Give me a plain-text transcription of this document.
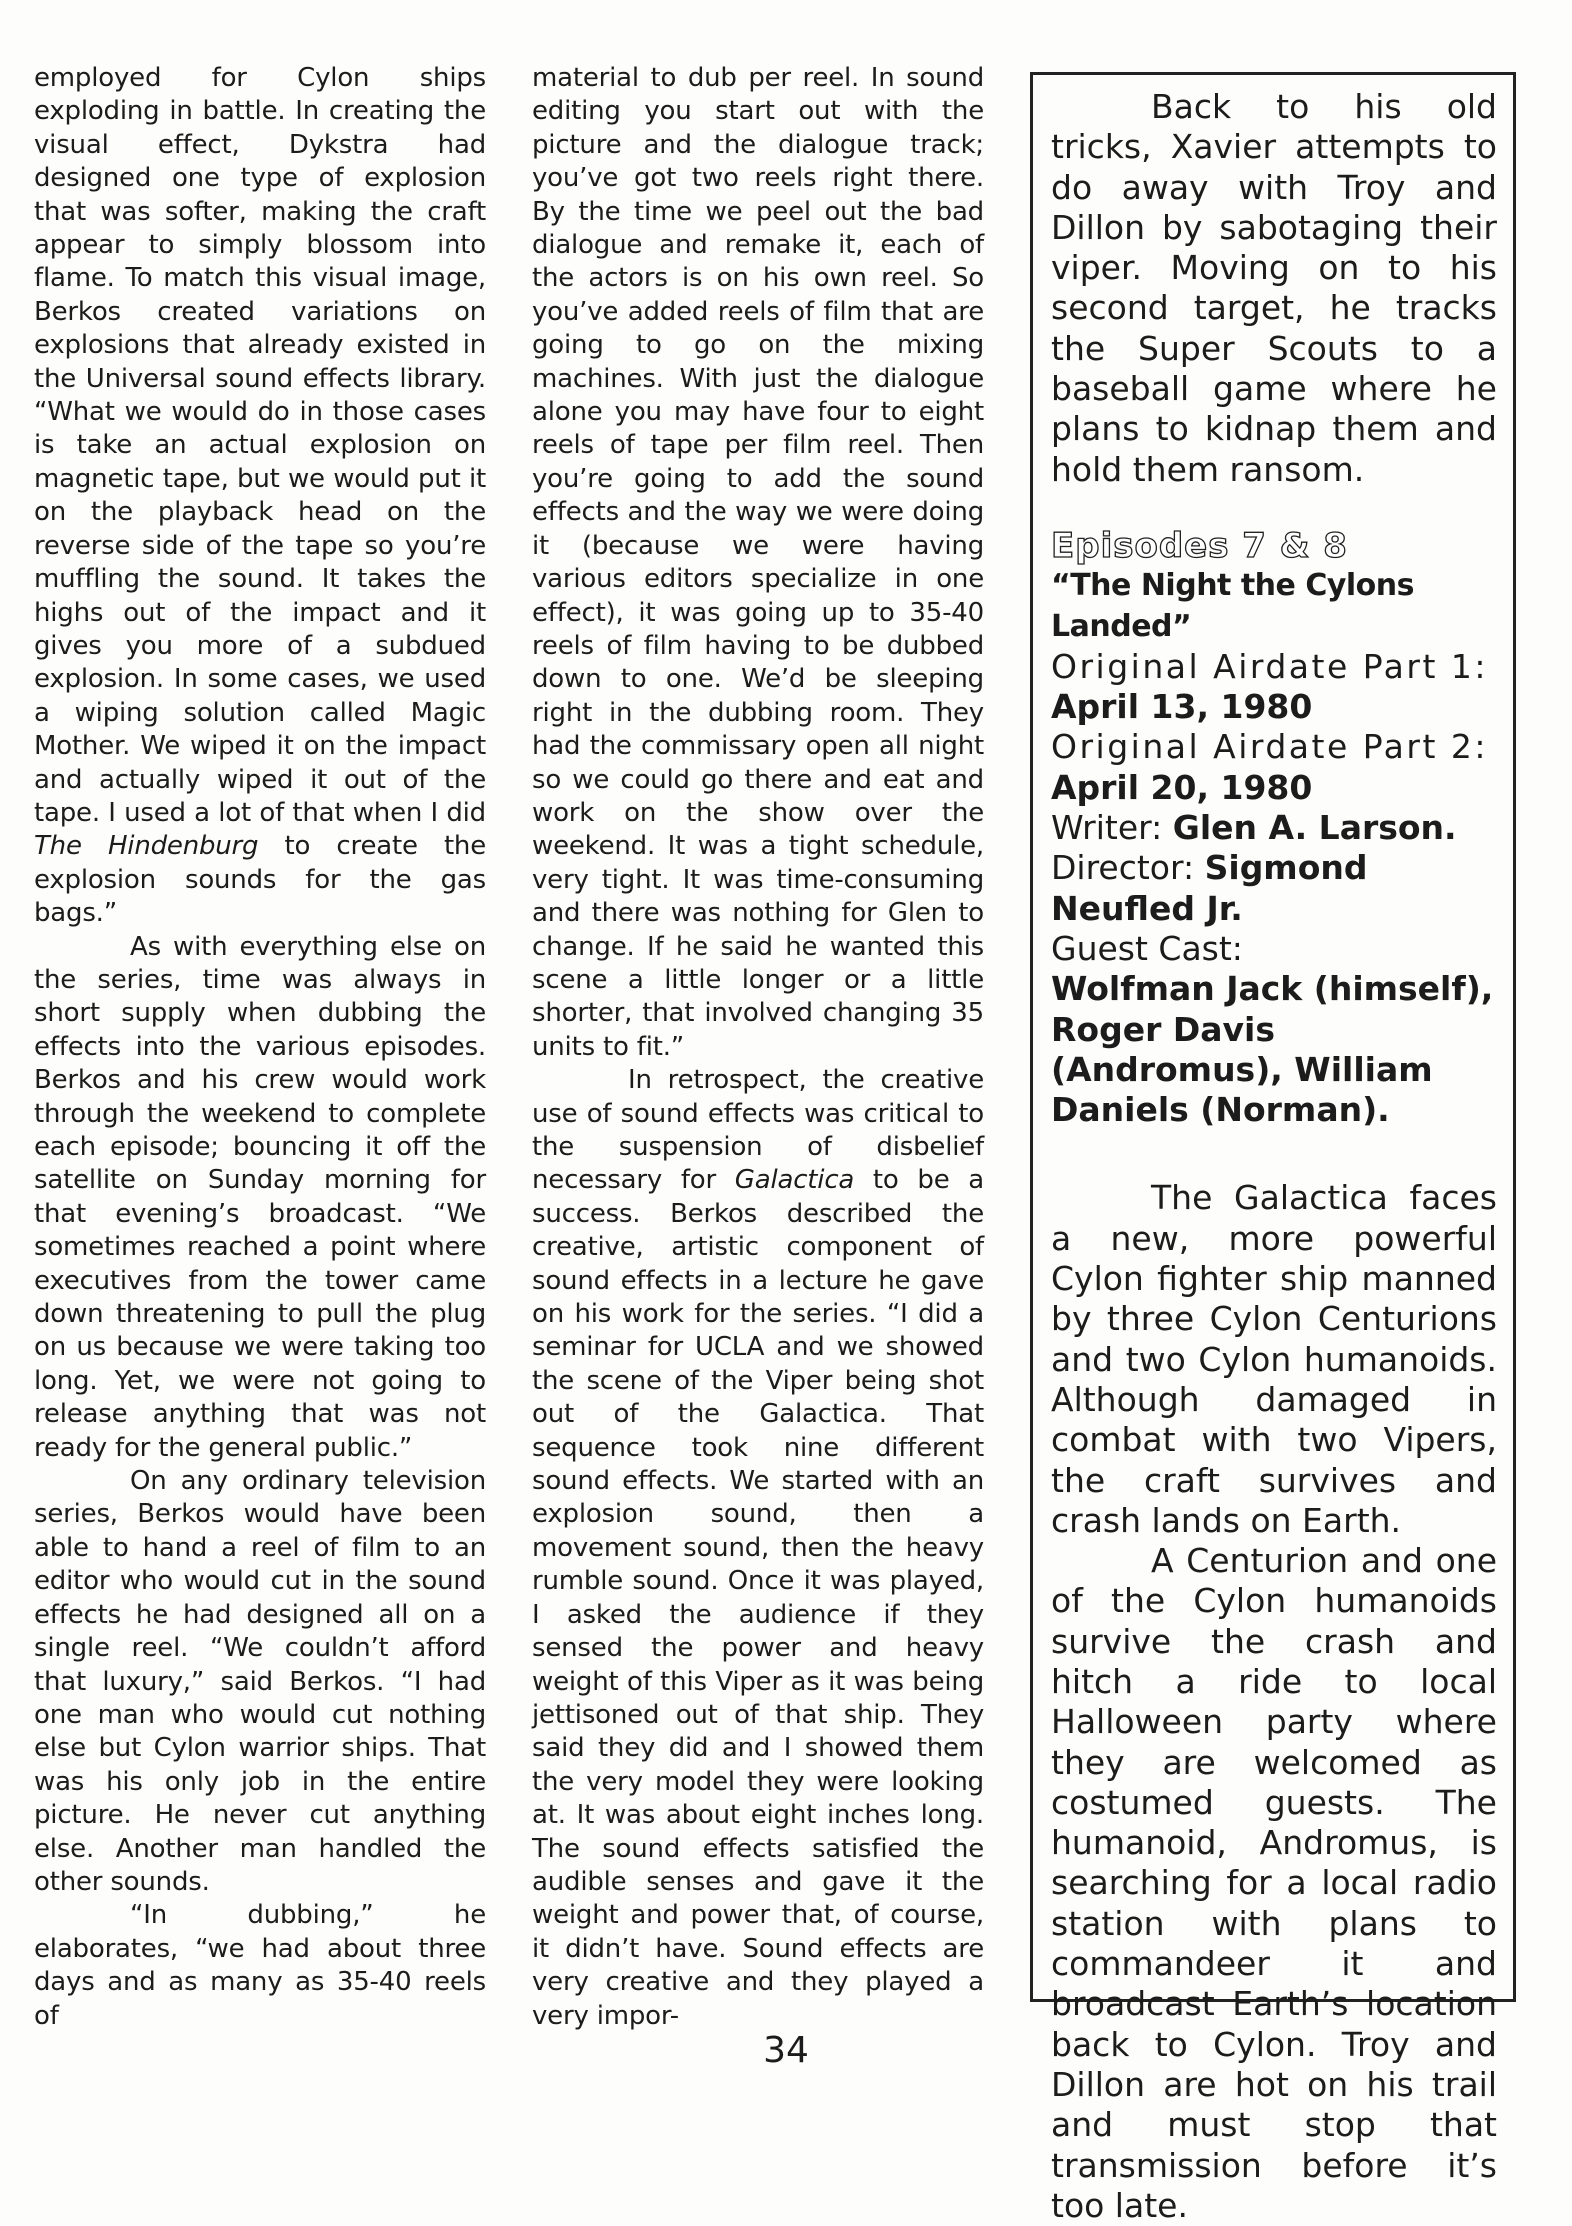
employed for Cylon ships exploding in battle. In creating the visual effect, Dykstra had designed one type of explosion that was softer, making the craft appear to simply blossom into flame. To match this visual image, Berkos created variations on explosions that already existed in the Universal sound effects library. “What we would do in those cases is take an actual explosion on magnetic tape, but we would put it on the playback head on the reverse side of the tape so you’re muffling the sound. It takes the highs out of the impact and it gives you more of a subdued explosion. In some cases, we used a wiping solution called Magic Mother. We wiped it on the impact and actually wiped it out of the tape. I used a lot of that when I did The Hindenburg to create the explosion sounds for the gas bags.”

As with everything else on the series, time was always in short supply when dubbing the effects into the various episodes. Berkos and his crew would work through the weekend to complete each episode; bouncing it off the satellite on Sunday morning for that evening’s broadcast. “We sometimes reached a point where executives from the tower came down threatening to pull the plug on us because we were taking too long. Yet, we were not going to release anything that was not ready for the general public.”

On any ordinary television series, Berkos would have been able to hand a reel of film to an editor who would cut in the sound effects he had designed all on a single reel. “We couldn’t afford that luxury,” said Berkos. “I had one man who would cut nothing else but Cylon warrior ships. That was his only job in the entire picture. He never cut anything else. Another man handled the other sounds.

“In dubbing,” he elaborates, “we had about three days and as many as 35-40 reels of

material to dub per reel. In sound editing you start out with the picture and the dialogue track; you’ve got two reels right there. By the time we peel out the bad dialogue and remake it, each of the actors is on his own reel. So you’ve added reels of film that are going to go on the mixing machines. With just the dialogue alone you may have four to eight reels of tape per film reel. Then you’re going to add the sound effects and the way we were doing it (because we were having various editors specialize in one effect), it was going up to 35-40 reels of film having to be dubbed down to one. We’d be sleeping right in the dubbing room. They had the commissary open all night so we could go there and eat and work on the show over the weekend. It was a tight schedule, very tight. It was time-consuming and there was nothing for Glen to change. If he said he wanted this scene a little longer or a little shorter, that involved changing 35 units to fit.”

In retrospect, the creative use of sound effects was critical to the suspension of disbelief necessary for Galactica to be a success. Berkos described the creative, artistic component of sound effects in a lecture he gave on his work for the series. “I did a seminar for UCLA and we showed the scene of the Viper being shot out of the Galactica. That sequence took nine different sound effects. We started with an explosion sound, then a movement sound, then the heavy rumble sound. Once it was played, I asked the audience if they sensed the power and heavy weight of this Viper as it was being jettisoned out of that ship. They said they did and I showed them the very model they were looking at. It was about eight inches long. The sound effects satisfied the audible senses and gave it the weight and power that, of course, it didn’t have. Sound effects are very creative and they played a very impor-

Back to his old tricks, Xavier attempts to do away with Troy and Dillon by sabotaging their viper. Moving on to his second target, he tracks the Super Scouts to a baseball game where he plans to kidnap them and hold them ransom.

Episodes 7 & 8
“The Night the Cylons Landed”
Original Airdate Part 1:
April 13, 1980
Original Airdate Part 2:
April 20, 1980
Writer: Glen A. Larson.
Director: Sigmond Neufled Jr.
Guest Cast:
Wolfman Jack (himself), Roger Davis (Andromus), William Daniels (Norman).

The Galactica faces a new, more powerful Cylon fighter ship manned by three Cylon Centurions and two Cylon humanoids. Although damaged in combat with two Vipers, the craft survives and crash lands on Earth.

A Centurion and one of the Cylon humanoids survive the crash and hitch a ride to local Halloween party where they are welcomed as costumed guests. The humanoid, Andromus, is searching for a local radio station with plans to commandeer it and broadcast Earth’s location back to Cylon. Troy and Dillon are hot on his trail and must stop that transmission before it’s too late.

34
